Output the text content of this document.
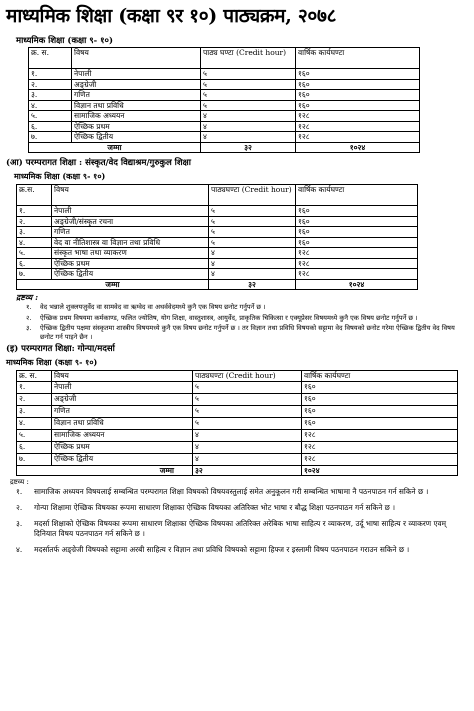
माध्यमिक शिक्षा (कक्षा ९र १०) पाठ्यक्रम, २०७८
माध्यमिक शिक्षा (कक्षा ९- १०)
क्र. स.	विषय	पाठ्य घण्टा (Credit hour)	वार्षिक कार्यघण्टा
१.	नेपाली	५	१६०
२.	अङ्ग्रेजी	५	१६०
३.	गणित	५	१६०
४.	विज्ञान तथा प्रविधि	५	१६०
५.	सामाजिक अध्ययन	४	१२८
६.	ऐच्छिक प्रथम	४	१२८
७.	ऐच्छिक द्वितीय	४	१२८
जम्मा		३२	१०२४
(आ) परम्परागत शिक्षा : संस्कृत/वेद विद्याश्रम/गुरुकुल शिक्षा
माध्यमिक शिक्षा (कक्षा ९- १०)
क्र.स.	विषय	पाठ्यघण्टा (Credit hour)	वार्षिक कार्यघण्टा
१.	नेपाली	५	१६०
२.	अङ्ग्रेजी/संस्कृत रचना	५	१६०
३.	गणित	५	१६०
४.	वेद वा नीतिशास्त्र वा विज्ञान तथा प्रविधि	५	१६०
५.	संस्कृत भाषा तथा व्याकरण	४	१२८
६.	ऐच्छिक प्रथम	४	१२८
७.	ऐच्छिक द्वितीय	४	१२८
जम्मा		३२	१०२४
द्रष्टव्य :
१.	वेद भन्नाले शुक्लयजुर्वेद वा सामवेद वा ऋग्वेद वा अथर्ववेदमध्ये कुनै एक विषय छनोट गर्नुपर्ने छ ।
२.	ऐच्छिक प्रथम विषयमा कर्मकाण्ड, फलित ज्योतिष, योग शिक्षा, वास्तुशास्त्र, आयुर्वेद, प्राकृतिक चिकित्सा र एक्यूप्रेसर विषयमध्ये कुनै एक विषय छनोट गर्नुपर्ने छ ।
३.	ऐच्छिक द्वितीय पक्षमा संस्कृतमा शास्त्रीय विषयमध्ये कुनै एक विषय छनोट गर्नुपर्ने छ । तर विज्ञान तथा प्रविधि विषयको सट्टामा वेद विषयको छनोट गरेमा ऐच्छिक द्वितीय वेद विषय छनोट गर्न पाइने छैन ।
(इ) परम्परागत शिक्षा: गोन्पा/मदर्सा
माध्यमिक शिक्षा (कक्षा ९- १०)
क्र. स.	विषय	पाठ्यघण्टा (Credit hour)	वार्षिक कार्यघण्टा
१.	नेपाली	५	१६०
२.	अङ्ग्रेजी	५	१६०
३.	गणित	५	१६०
४.	विज्ञान तथा प्रविधि	५	१६०
५.	सामाजिक अध्ययन	४	१२८
६.	ऐच्छिक प्रथम	४	१२८
७.	ऐच्छिक द्वितीय	४	१२८
जम्मा		३२	१०२४
द्रष्टव्य :
१.	सामाजिक अध्ययन विषयलाई सम्बन्धित परम्परागत शिक्षा विषयको विषयवस्तुलाई समेत अनुकूलन गरी सम्बन्धित भाषामा नै पठनपाठन गर्न सकिने छ ।
२.	गोन्पा शिक्षामा ऐच्छिक विषयका रूपमा साधारण शिक्षाका ऐच्छिक विषयका अतिरिक्त भोट भाषा र बौद्ध शिक्षा पठनपाठन गर्न सकिने छ ।
३.	मदर्सा शिक्षाको ऐच्छिक विषयका रूपमा साधारण शिक्षाका ऐच्छिक विषयका अतिरिक्त अरेबिक भाषा साहित्य र व्याकरण, उर्दू भाषा साहित्य र व्याकरण एवम् दिनियात विषय पठनपाठन गर्न सकिने छ ।
४.	मदर्सातर्फ अङ्ग्रेजी विषयको सट्टामा अरबी साहित्य र विज्ञान तथा प्रविधि विषयको सट्टामा हिफ्ज र इस्लामी विषय पठनपाठन गराउन सकिने छ ।
